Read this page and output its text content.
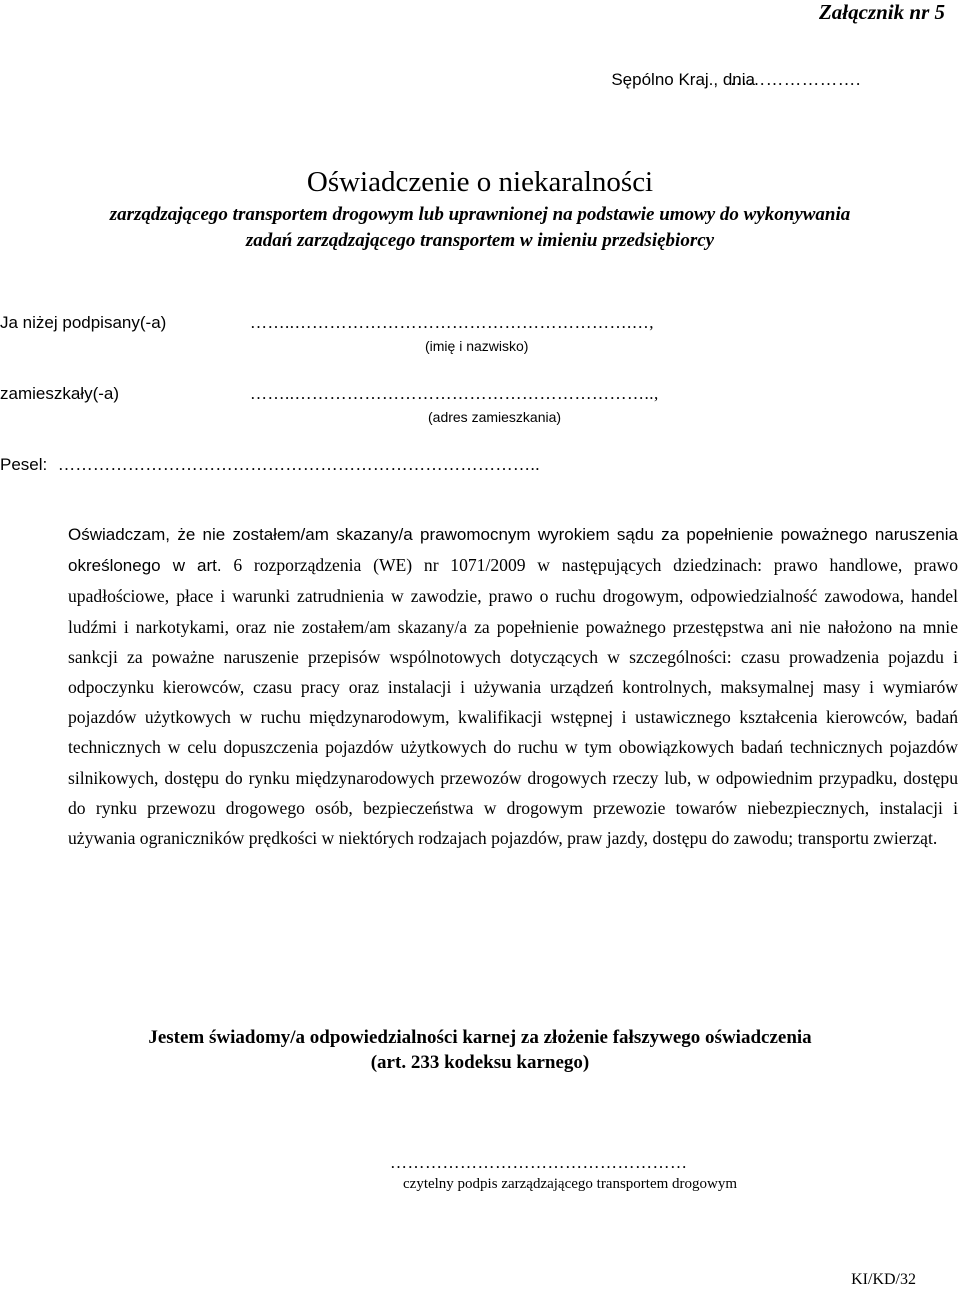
Załącznik nr 5
Sępólno Kraj., dnia
………………….
Oświadczenie o niekaralności
zarządzającego transportem drogowym lub uprawnionej na podstawie umowy do wykonywania
zadań zarządzającego transportem w imieniu przedsiębiorcy
Ja niżej podpisany(-a)	……..………………………………………………….…,
(imię i nazwisko)
zamieszkały(-a)	……..……………………………………………………..,
(adres zamieszkania)
Pesel: ………………………………………………………………………..
Oświadczam, że nie zostałem/am skazany/a prawomocnym wyrokiem sądu za popełnienie poważnego naruszenia określonego w art. 6 rozporządzenia (WE) nr 1071/2009 w następujących dziedzinach: prawo handlowe, prawo upadłościowe, płace i warunki zatrudnienia w zawodzie, prawo o ruchu drogowym, odpowiedzialność zawodowa, handel ludźmi i narkotykami, oraz nie zostałem/am skazany/a za popełnienie poważnego przestępstwa ani nie nałożono na mnie sankcji za poważne naruszenie przepisów wspólnotowych dotyczących w szczególności: czasu prowadzenia pojazdu i odpoczynku kierowców, czasu pracy oraz instalacji i używania urządzeń kontrolnych, maksymalnej masy i wymiarów pojazdów użytkowych w ruchu międzynarodowym, kwalifikacji wstępnej i ustawicznego kształcenia kierowców, badań technicznych w celu dopuszczenia pojazdów użytkowych do ruchu w tym obowiązkowych badań technicznych pojazdów silnikowych, dostępu do rynku międzynarodowych przewozów drogowych rzeczy lub, w odpowiednim przypadku, dostępu do rynku przewozu drogowego osób, bezpieczeństwa w drogowym przewozie towarów niebezpiecznych, instalacji i używania ograniczników prędkości w niektórych rodzajach pojazdów, praw jazdy, dostępu do zawodu; transportu zwierząt.
Jestem świadomy/a odpowiedzialności karnej za złożenie fałszywego oświadczenia
(art. 233 kodeksu karnego)
……………………………………………
czytelny podpis zarządzającego transportem drogowym
KI/KD/32
